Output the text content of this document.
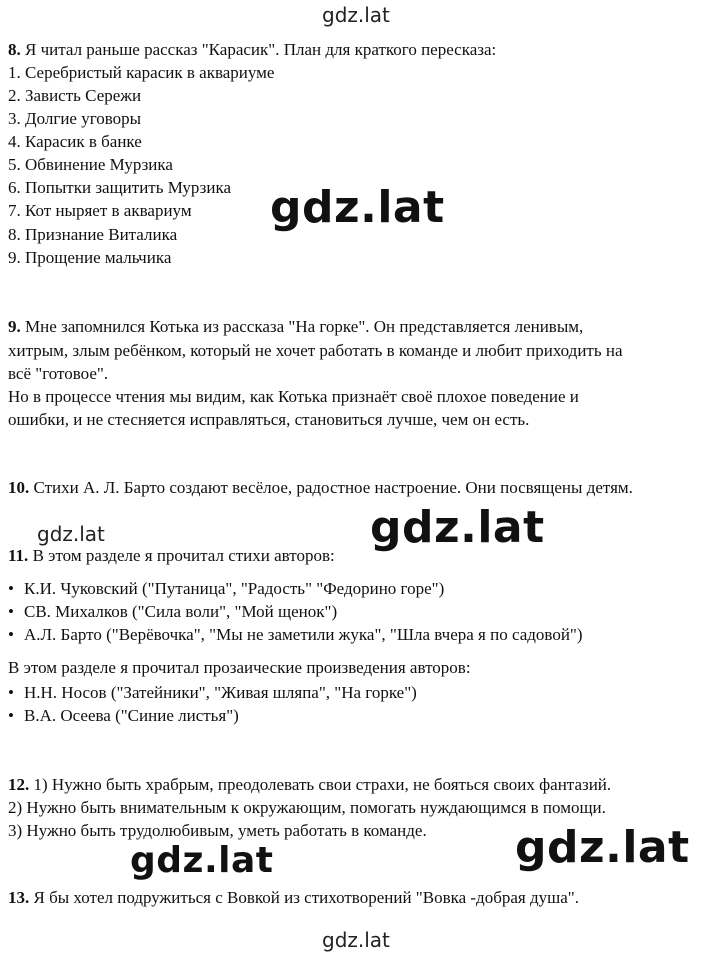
gdz.lat
gdz.lat
gdz.lat	gdz.lat
gdz.lat	gdz.lat
gdz.lat
8. Я читал раньше рассказ "Карасик". План для краткого пересказа:
1. Серебристый карасик в аквариуме
2. Зависть Сережи
3. Долгие уговоры
4. Карасик в банке
5. Обвинение Мурзика
6. Попытки защитить Мурзика
7. Кот ныряет в аквариум
8. Признание Виталика
9. Прощение мальчика
9. Мне запомнился Котька из рассказа "На горке". Он представляется ленивым,
хитрым, злым ребёнком, который не хочет работать в команде и любит приходить на
всё "готовое".
Но в процессе чтения мы видим, как Котька признаёт своё плохое поведение и
ошибки, и не стесняется исправляться, становиться лучше, чем он есть.
10. Стихи А. Л. Барто создают весёлое, радостное настроение. Они посвящены детям.
11. В этом разделе я прочитал стихи авторов:
• К.И. Чуковский ("Путаница", "Радость" "Федорино горе")
• СВ. Михалков ("Сила воли", "Мой щенок")
• А.Л. Барто ("Верёвочка", "Мы не заметили жука", "Шла вчера я по садовой")
В этом разделе я прочитал прозаические произведения авторов:
• Н.Н. Носов ("Затейники", "Живая шляпа", "На горке")
• В.А. Осеева ("Синие листья")
12. 1) Нужно быть храбрым, преодолевать свои страхи, не бояться своих фантазий.
2) Нужно быть внимательным к окружающим, помогать нуждающимся в помощи.
3) Нужно быть трудолюбивым, уметь работать в команде.
13. Я бы хотел подружиться с Вовкой из стихотворений "Вовка -добрая душа".
